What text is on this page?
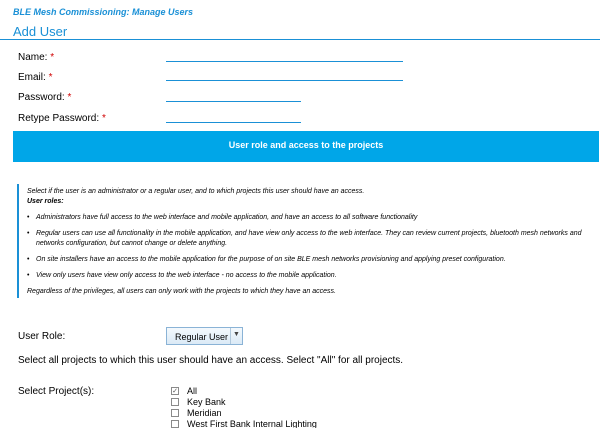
BLE Mesh Commissioning: Manage Users
Add User
Name: *
Email: *
Password: *
Retype Password: *
User role and access to the projects
Select if the user is an administrator or a regular user, and to which projects this user should have an access.
User roles:
• Administrators have full access to the web interface and mobile application, and have an access to all software functionality
• Regular users can use all functionality in the mobile application, and have view only access to the web interface. They can review current projects, bluetooth mesh networks and networks configuration, but cannot change or delete anything.
• On site installers have an access to the mobile application for the purpose of on site BLE mesh networks provisioning and applying preset configuration.
• View only users have view only access to the web interface - no access to the mobile application.
Regardless of the privileges, all users can only work with the projects to which they have an access.
User Role:	Regular User ▼
Select all projects to which this user should have an access. Select "All" for all projects.
Select Project(s):	✓ All
Key Bank
Meridian
West First Bank Internal Lighting
